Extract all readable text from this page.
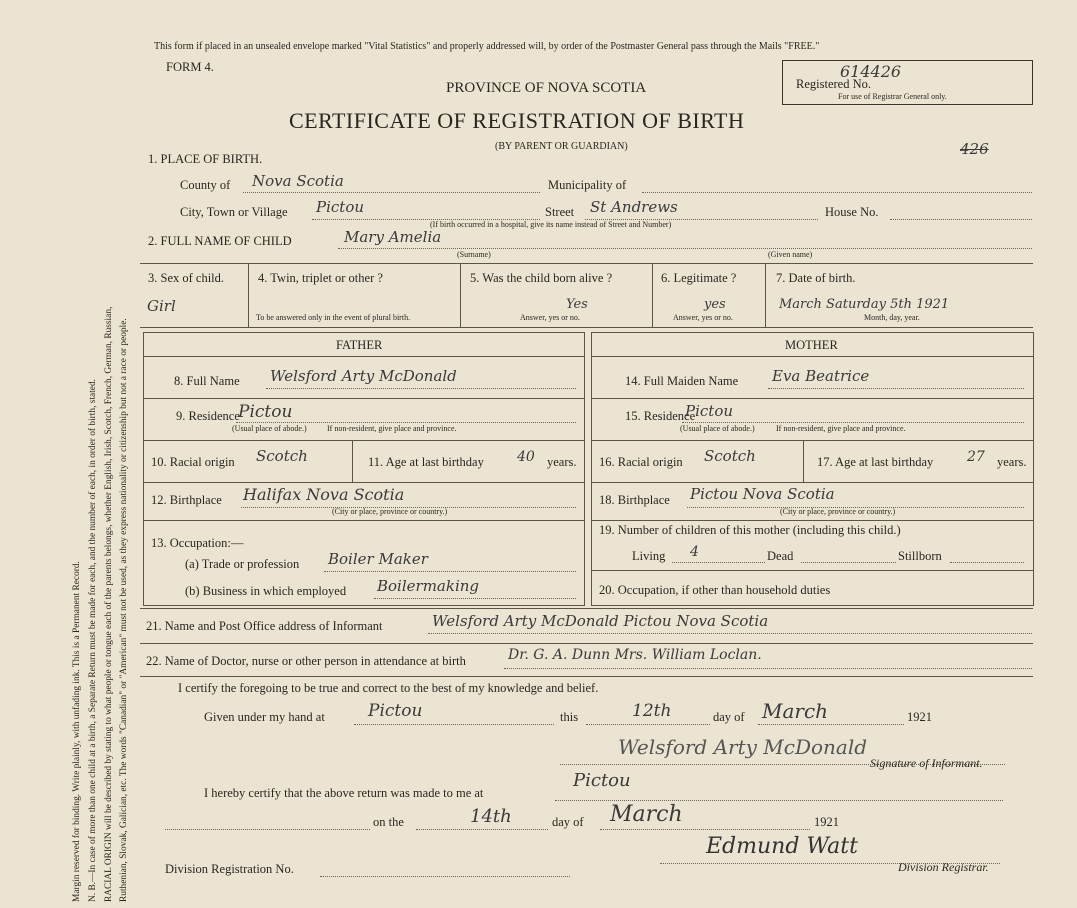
Margin reserved for binding. Write plainly, with unfading ink. This is a Permanent Record. N. B.—In case of more than one child at a birth, a Separate Return must be made for each, and the number of each, in order of birth, stated. RACIAL ORIGIN will be described by stating to what people or tongue each of the parents belongs, whether English, Irish, Scotch, French, German, Russian, Ruthenian, Slovak, Galician, etc. The words "Canadian" or "American" must not be used, as they express nationality or citizenship but not a race or people.
This form if placed in an unsealed envelope marked "Vital Statistics" and properly addressed will, by order of the Postmaster General pass through the Mails "FREE."
FORM 4.
PROVINCE OF NOVA SCOTIA
CERTIFICATE OF REGISTRATION OF BIRTH
(BY PARENT OR GUARDIAN)
Registered No.
614426
For use of Registrar General only.
426
1. PLACE OF BIRTH.
County of Nova Scotia	Municipality of
City, Town or Village Pictou	Street St Andrews	House No.
(If birth occurred in a hospital, give its name instead of Street and Number)
2. FULL NAME OF CHILD	Mary Amelia
(Surname)	(Given name)
3. Sex of child.
Girl
4. Twin, triplet or other ?
To be answered only in the event of plural birth.
5. Was the child born alive ?
Yes
Answer, yes or no.
6. Legitimate ?
yes
Answer, yes or no.
7. Date of birth.
March Saturday 5th 1921
Month, day, year.
FATHER	MOTHER
8. Full Name Welsford Arty McDonald
9. Residence
Pictou
(Usual place of abode.)	If non-resident, give place and province.
10. Racial origin Scotch	11. Age at last birthday 40 years.
12. Birthplace Halifax Nova Scotia
(City or place, province or country.)
13. Occupation:—
(a) Trade or profession Boiler Maker
(b) Business in which employed Boilermaking
14. Full Maiden Name Eva Beatrice
15. Residence
Pictou
(Usual place of abode.)	If non-resident, give place and province.
16. Racial origin Scotch	17. Age at last birthday 27 years.
18. Birthplace Pictou Nova Scotia
(City or place, province or country.)
19. Number of children of this mother (including this child.)
Living 4	Dead	Stillborn
20. Occupation, if other than household duties
21. Name and Post Office address of Informant	Welsford Arty McDonald Pictou Nova Scotia
22. Name of Doctor, nurse or other person in attendance at birth	Dr. G. A. Dunn Mrs. William Loclan.
I certify the foregoing to be true and correct to the best of my knowledge and belief.
Given under my hand at	Pictou	this	12th	day of March	1921
Welsford Arty McDonald
Signature of Informant.
I hereby certify that the above return was made to me at
Pictou
on the	14th	day of March	1921
Edmund Watt
Division Registration No.	Division Registrar.
